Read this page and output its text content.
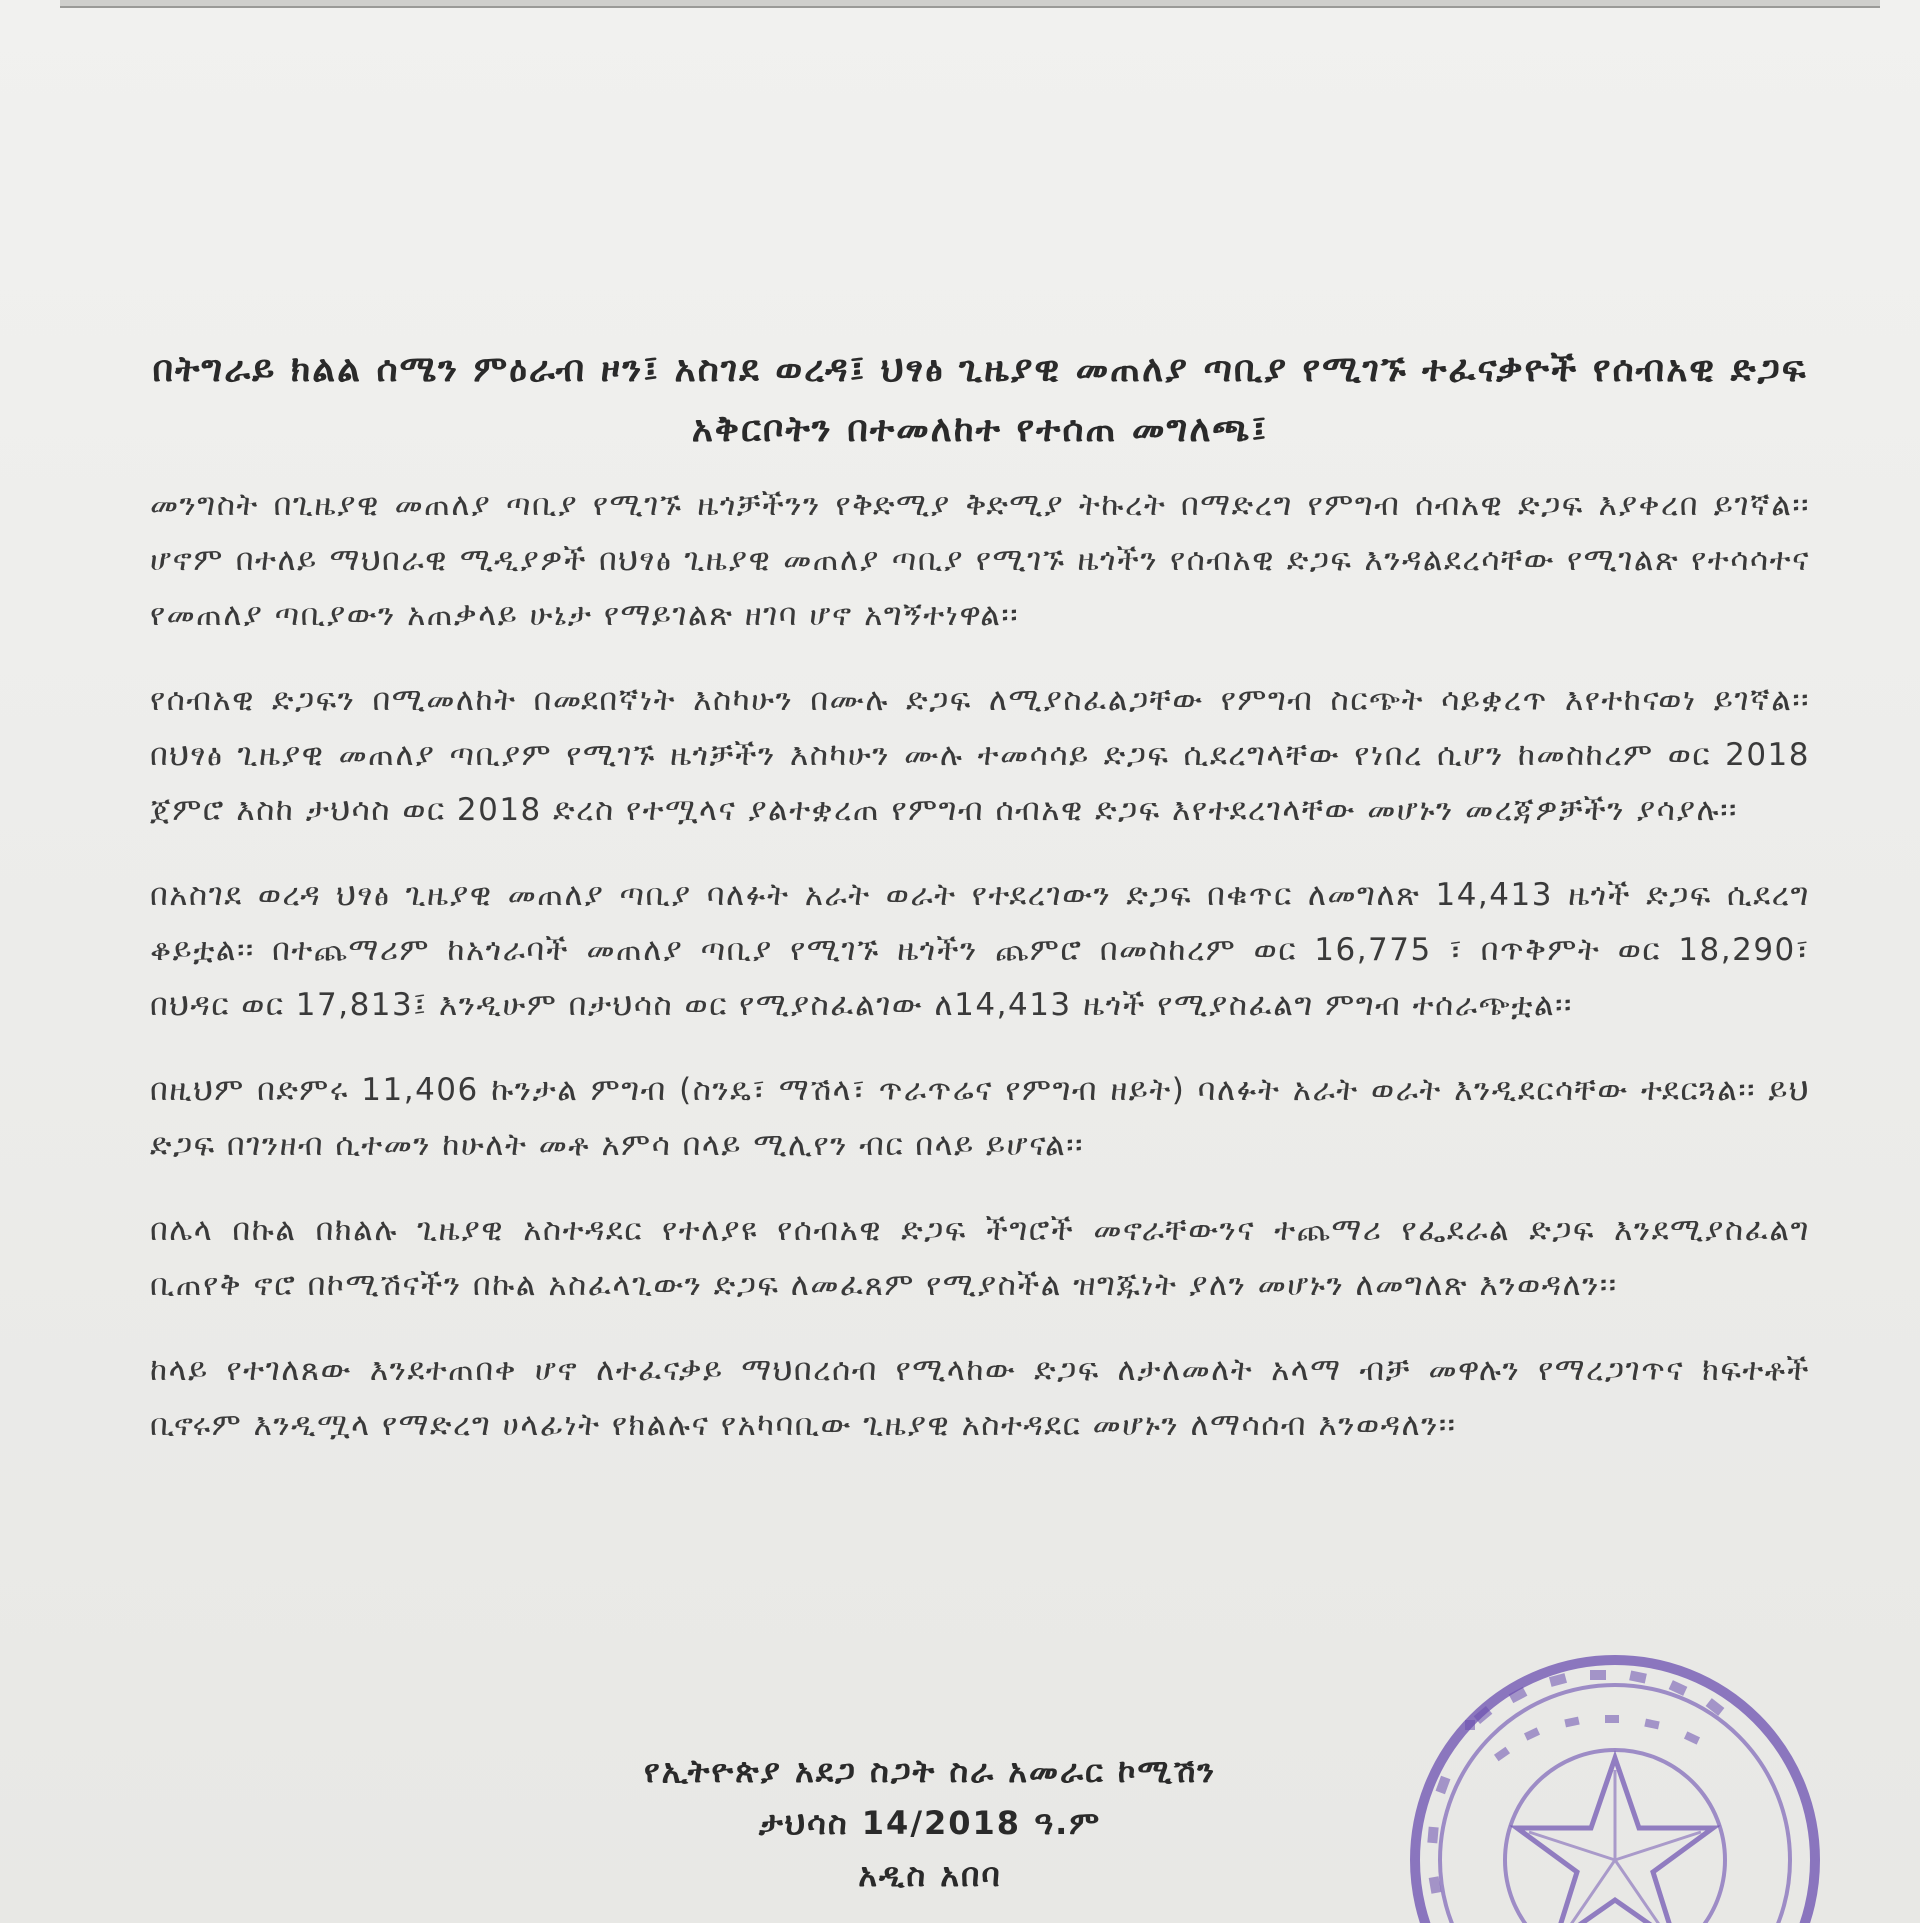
በትግራይ ክልል ሰሜን ምዕራብ ዞን፤ አስገደ ወረዳ፤ ህፃፅ ጊዜያዊ መጠለያ ጣቢያ የሚገኙ ተፈናቃዮች የሰብአዊ ድጋፍ አቅርቦትን በተመለከተ የተሰጠ መግለጫ፤

መንግስት በጊዜያዊ መጠለያ ጣቢያ የሚገኙ ዜጎቻችንን የቅድሚያ ቅድሚያ ትኩረት በማድረግ የምግብ ሰብአዊ ድጋፍ እያቀረበ ይገኛል፡፡ ሆኖም በተለይ ማህበራዊ ሚዲያዎች በህፃፅ ጊዜያዊ መጠለያ ጣቢያ የሚገኙ ዜጎችን የሰብአዊ ድጋፍ እንዳልደረሳቸው የሚገልጽ የተሳሳተና የመጠለያ ጣቢያውን አጠቃላይ ሁኔታ የማይገልጽ ዘገባ ሆኖ አግኝተነዋል፡፡

የሰብአዊ ድጋፍን በሚመለከት በመደበኛነት እስካሁን በሙሉ ድጋፍ ለሚያስፈልጋቸው የምግብ ስርጭት ሳይቋረጥ እየተከናወነ ይገኛል፡፡ በህፃፅ ጊዜያዊ መጠለያ ጣቢያም የሚገኙ ዜጎቻችን እስካሁን ሙሉ ተመሳሳይ ድጋፍ ሲደረግላቸው የነበረ ሲሆን ከመስከረም ወር 2018 ጀምሮ እስከ ታህሳስ ወር 2018 ድረስ የተሟላና ያልተቋረጠ የምግብ ሰብአዊ ድጋፍ እየተደረገላቸው መሆኑን መረጃዎቻችን ያሳያሉ፡፡

በአስገደ ወረዳ ህፃፅ ጊዜያዊ መጠለያ ጣቢያ ባለፉት አራት ወራት የተደረገውን ድጋፍ በቁጥር ለመግለጽ 14,413 ዜጎች ድጋፍ ሲደረግ ቆይቷል፡፡ በተጨማሪም ከአጎራባች መጠለያ ጣቢያ የሚገኙ ዜጎችን ጨምሮ በመስከረም ወር 16,775 ፣ በጥቅምት ወር 18,290፣ በህዳር ወር 17,813፤ እንዲሁም በታህሳስ ወር የሚያስፈልገው ለ14,413 ዜጎች የሚያስፈልግ ምግብ ተሰራጭቷል፡፡

በዚህም በድምሩ 11,406 ኩንታል ምግብ (ስንዴ፣ ማሽላ፣ ጥራጥሬና የምግብ ዘይት) ባለፉት አራት ወራት እንዲደርሳቸው ተደርጓል፡፡ ይህ ድጋፍ በገንዘብ ሲተመን ከሁለት መቶ አምሳ በላይ ሚሊየን ብር በላይ ይሆናል፡፡

በሌላ በኩል በክልሉ ጊዜያዊ አስተዳደር የተለያዩ የሰብአዊ ድጋፍ ችግሮች መኖራቸውንና ተጨማሪ የፌደራል ድጋፍ እንደሚያስፈልግ ቢጠየቅ ኖሮ በኮሚሽናችን በኩል አስፈላጊውን ድጋፍ ለመፈጸም የሚያስችል ዝግጁነት ያለን መሆኑን ለመግለጽ እንወዳለን፡፡

ከላይ የተገለጸው እንደተጠበቀ ሆኖ ለተፈናቃይ ማህበረሰብ የሚላከው ድጋፍ ለታለመለት አላማ ብቻ መዋሉን የማረጋገጥና ክፍተቶች ቢኖሩም እንዲሟላ የማድረግ ሀላፊነት የክልሉና የአካባቢው ጊዜያዊ አስተዳደር መሆኑን ለማሳሰብ እንወዳለን፡፡

የኢትዮጵያ አደጋ ስጋት ስራ አመራር ኮሚሽን
ታህሳስ 14/2018 ዓ.ም
አዲስ አበባ
